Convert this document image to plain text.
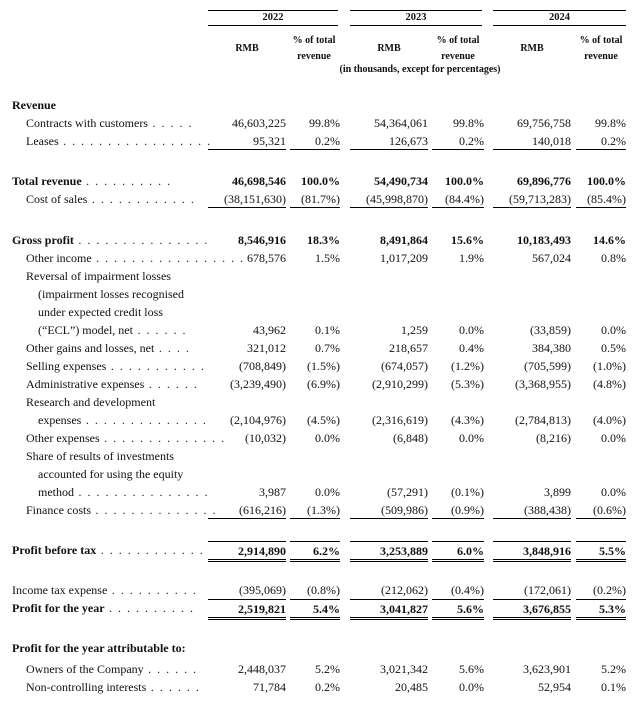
2022	2023	2024
RMB
% of total
revenue
RMB
% of total
revenue
RMB
% of total
revenue
(in thousands, except for percentages)
Revenue
Contracts with customers . . . . .	46,603,225	99.8%	54,364,061	99.8%	69,756,758	99.8%
Leases . . . . . . . . . . . . . . . . .	95,321	0.2%	126,673	0.2%	140,018	0.2%
Total revenue . . . . . . . . . .	46,698,546	100.0%	54,490,734	100.0%	69,896,776	100.0%
Cost of sales . . . . . . . . . . . .	(38,151,630)	(81.7%)	(45,998,870)	(84.4%)	(59,713,283)	(85.4%)
Gross profit . . . . . . . . . . . . . . .	8,546,916	18.3%	8,491,864	15.6%	10,183,493	14.6%
Other income . . . . . . . . . . . . . . . . . 678,576	1.5%	1,017,209	1.9%	567,024	0.8%
Reversal of impairment losses
(impairment losses recognised
under expected credit loss
(“ECL”) model, net . . . . . .	43,962	0.1%	1,259	0.0%	(33,859)	0.0%
Other gains and losses, net . . . .	321,012	0.7%	218,657	0.4%	384,380	0.5%
Selling expenses . . . . . . . . . . .	(708,849)	(1.5%)	(674,057)	(1.2%)	(705,599)	(1.0%)
Administrative expenses . . . . . .	(3,239,490)	(6.9%)	(2,910,299)	(5.3%)	(3,368,955)	(4.8%)
Research and development
expenses . . . . . . . . . . . . . .	(2,104,976)	(4.5%)	(2,316,619)	(4.3%)	(2,784,813)	(4.0%)
Other expenses . . . . . . . . . . . . . .	(10,032)	0.0%	(6,848)	0.0%	(8,216)	0.0%
Share of results of investments
accounted for using the equity
method . . . . . . . . . . . . . . .	3,987	0.0%	(57,291)	(0.1%)	3,899	0.0%
Finance costs . . . . . . . . . . . . . .	(616,216)	(1.3%)	(509,986)	(0.9%)	(388,438)	(0.6%)
Profit before tax . . . . . . . . . . . .	2,914,890	6.2%	3,253,889	6.0%	3,848,916	5.5%
Income tax expense . . . . . . . . . .	(395,069)	(0.8%)	(212,062)	(0.4%)	(172,061)	(0.2%)
Profit for the year . . . . . . . . . .	2,519,821	5.4%	3,041,827	5.6%	3,676,855	5.3%
Profit for the year attributable to:
Owners of the Company . . . . . .	2,448,037	5.2%	3,021,342	5.6%	3,623,901	5.2%
Non-controlling interests . . . . . .	71,784	0.2%	20,485	0.0%	52,954	0.1%
